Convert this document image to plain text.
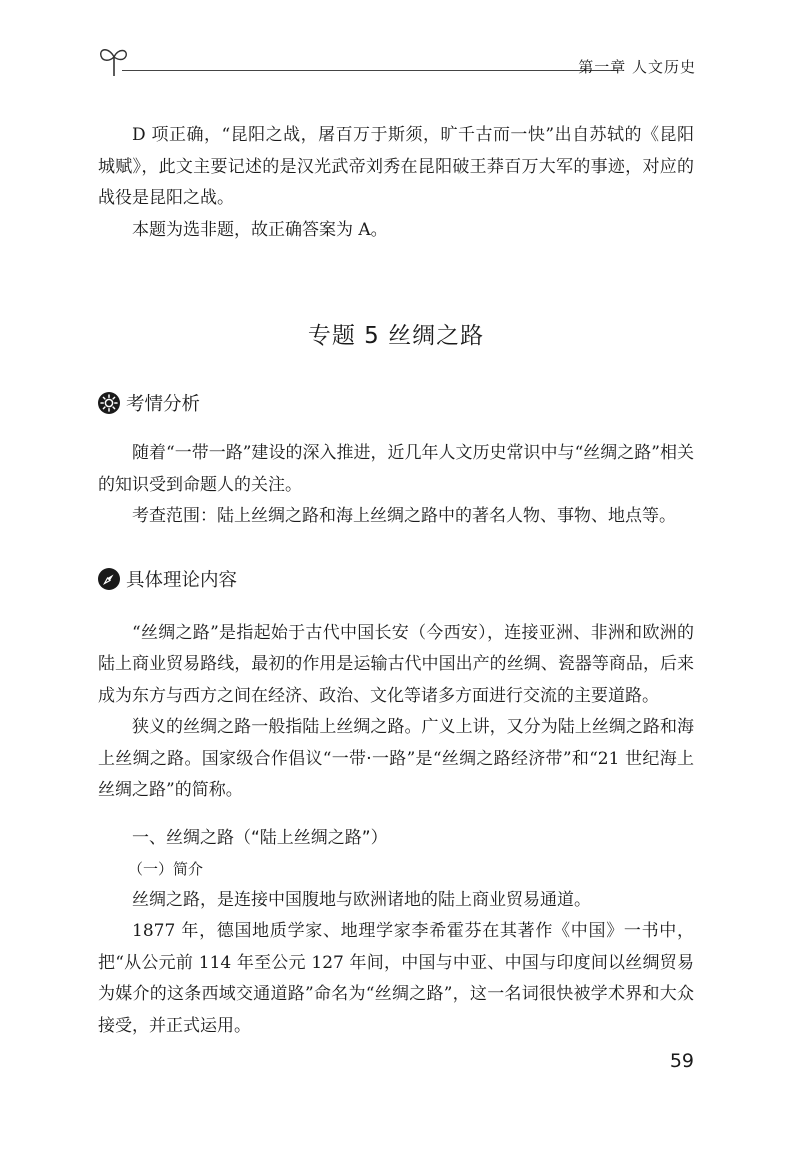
第一章 人文历史

D 项正确，“昆阳之战，屠百万于斯须，旷千古而一快”出自苏轼的《昆阳城赋》，此文主要记述的是汉光武帝刘秀在昆阳破王莽百万大军的事迹，对应的战役是昆阳之战。

本题为选非题，故正确答案为 A。

专题 5 丝绸之路
考情分析

随着“一带一路”建设的深入推进，近几年人文历史常识中与“丝绸之路”相关的知识受到命题人的关注。

考查范围：陆上丝绸之路和海上丝绸之路中的著名人物、事物、地点等。

具体理论内容

“丝绸之路”是指起始于古代中国长安（今西安），连接亚洲、非洲和欧洲的陆上商业贸易路线，最初的作用是运输古代中国出产的丝绸、瓷器等商品，后来成为东方与西方之间在经济、政治、文化等诸多方面进行交流的主要道路。

狭义的丝绸之路一般指陆上丝绸之路。广义上讲，又分为陆上丝绸之路和海上丝绸之路。国家级合作倡议“一带·一路”是“丝绸之路经济带”和“21 世纪海上丝绸之路”的简称。

一、丝绸之路（“陆上丝绸之路”）
（一）简介

丝绸之路，是连接中国腹地与欧洲诸地的陆上商业贸易通道。

1877 年，德国地质学家、地理学家李希霍芬在其著作《中国》一书中，把“从公元前 114 年至公元 127 年间，中国与中亚、中国与印度间以丝绸贸易为媒介的这条西域交通道路”命名为“丝绸之路”，这一名词很快被学术界和大众接受，并正式运用。

59
